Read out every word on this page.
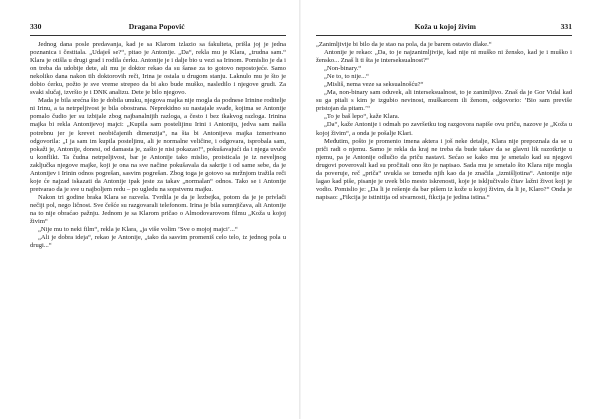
330	Dragana Popović

Jednog dana posle predavanja, kad je sa Klarom izlazio sa fakulteta, prišla joj je jedna poznanica i čestitala. „Udaješ se?“, pitao je Antonije. „Da“, rekla mu je Klara, „trudna sam.“ Klara je otišla u drugi grad i rodila ćerku. Antonije je i dalje bio u vezi sa Irinom. Pomislio je da i on treba da udobije dete, ali mu je doktor rekao da su šanse za to gotovo nepostojeće. Samo nekoliko dana nakon tih doktorovih reči, Irina je ostala u drugom stanju. Laknulo mu je što je dobio ćerku, požto je sve vreme strepeo da bi ako bude muško, nasledilo i njegove grudi. Za svaki slučaj, izvršio je i DNK analizu. Dete je bilo njegovo.

Mada je bila srećna što je dobila unuku, njegova majka nije mogla da podnese Irinine roditelje ni Irinu, a ta netrpeljivost je bila obostrana. Neprekidno su nastajale svađe, kojima se Antonije pomalo čudio jer su izbijale zbog najbanalnijih razloga, a često i bez ikakvog razloga. Irinina majka bi rekla Antonijevoj majci: „Kupila sam postelijinu Irini i Antoniju, jedva sam našla potrebnu jer je krevet neobičajenih dimenzija“, na šta bi Antonijeva majka izmerivano odgovorila: „I ja sam im kupila posteljinu, ali je normalne veličine, i odgovara, isprobala sam, pokaži je, Antonije, donesi, od damasta je, zašto je nisi pokazao!“, pokušavajući da i njega uvuče u konflikt. Ta čudna netrpeljivost, bar je Antonije tako mislio, proisticala je iz neveljnog zaključka njegove majke, koji je ona na sve načine pokušavala da sakrije i od same sebe, da je Antonijev i Irinin odnos pogrešan, sasvim pogrešan. Zbog toga je gotovo sa mržnjom tražila reči koje će najzad iskazati da Antonije ipak jeste za takav „normalan“ odnos. Tako se i Antonije pretvarao da je sve u najboljem redu – po ugledu na sopstvenu majku.

Nakon tri godine braka Klara se razvela. Tvrdila je da je lezbejka, potom da je je privlači nečiji pol, nego ličnost. Sve češće su razgovarali telefonom. Irina je bila sumnjičava, ali Antonije na to nije obraćao pažnju. Jednom je sa Klarom pričao o Almodovarovom filmu „Koža u kojoj živim“

„Nije mu to neki film“, rekla je Klara, „ja više volim ’Sve o mojoj majci’...“

„Ali je dobra ideja“, rekao je Antonije, „tako da sasvim promeniš celo telo, iz jednog pola u drugi...“

Koža u kojoj živim	331

„Zanimljivije bi bilo da je stao na pola, da je barem ostavio dlake.“

Antonije je rekao: „Da, to je najzanimljivije, kad nije ni muško ni žensko, kad je i muško i žensko... Znaš li ti šta je interseksualnost?“

„Non-binary.“

„Ne to, to nije...“

„Misliš, nema veze sa seksualnošću?“

„Ma, non-binary sam oduvek, ali interseksualnost, to je zanimljivo. Znaš da je Gor Vidal kad su ga pitali s kim je izgubio nevinost, muškarcem ili ženom, odgovorio: ’Bio sam previše pristojan da pitam.’“

„To je baš lepo“, kaže Klara.

„Da“, kaže Antonije i odmah po završetku tog razgovora napiše ovu priču, nazove je „Koža u kojoj živim“, a onda je pošalje Klari.

Međutim, pošto je promenio imena aktera i još neke detalje, Klara nije prepoznala da se u priči radi o njemu. Samo je rekla da kraj ne treba da bude takav da se glavni lik razotkrije u njemu, pa je Antonije odlučio da priču nastavi. Sećao se kako mu je smetalo kad su njegovi drugovi poverovali kad su pročitali ono što je napisao. Sada mu je smetalo što Klara nije mogla da poveruje, reč „priča“ uvukla se između njih kao da je značila „izmišljotina“. Antonije nije lagao kad piše, pisanje je uvek bilo mesto iskrenosti, koje je isključivalo čitav lažni život koji je vodio. Pomislio je: „Da li je rešenje da bar pišem iz kože u kojoj živim, da li je, Klaro?“ Onda je napisao: „Fikcija je istinitija od stvarnosti, fikcija je jedina istina.“
